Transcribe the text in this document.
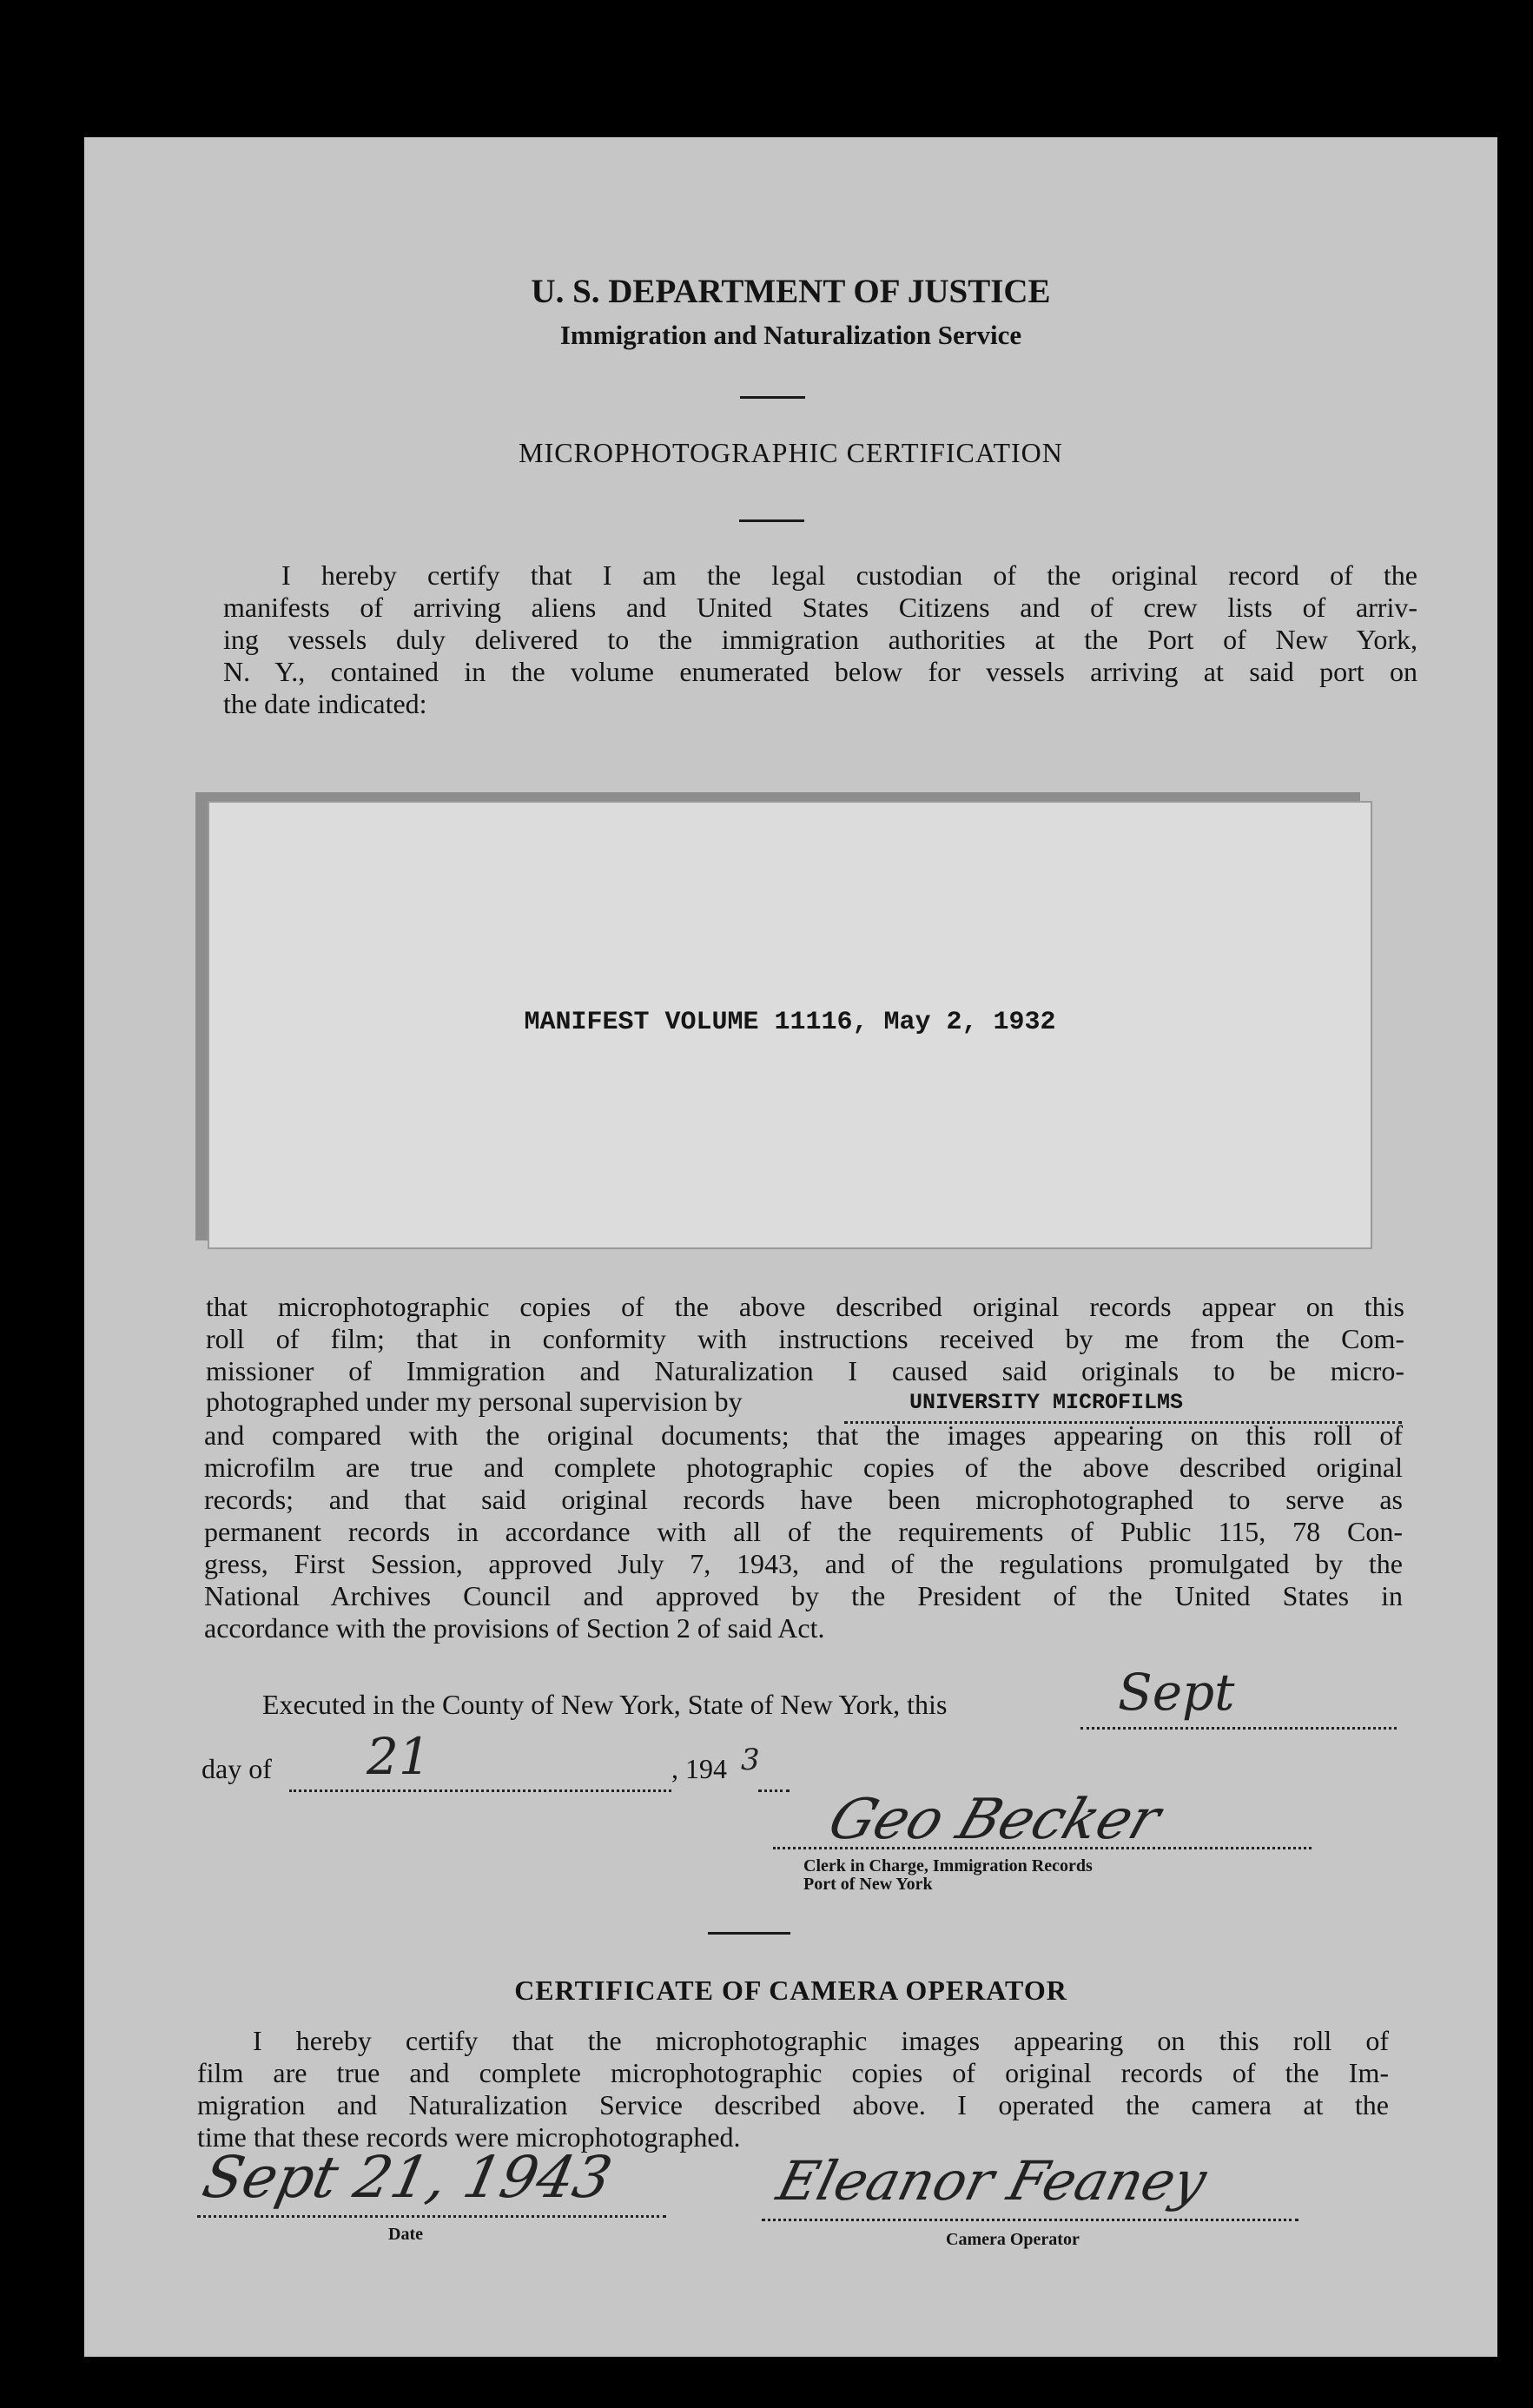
U. S. DEPARTMENT OF JUSTICE
Immigration and Naturalization Service
MICROPHOTOGRAPHIC CERTIFICATION
I hereby certify that I am the legal custodian of the original record of the
manifests of arriving aliens and United States Citizens and of crew lists of arriv-
ing vessels duly delivered to the immigration authorities at the Port of New York,
N. Y., contained in the volume enumerated below for vessels arriving at said port on
the date indicated:
MANIFEST VOLUME 11116, May 2, 1932
that microphotographic copies of the above described original records appear on this
roll of film; that in conformity with instructions received by me from the Com-
missioner of Immigration and Naturalization I caused said originals to be micro-
photographed under my personal supervision by	UNIVERSITY MICROFILMS
and compared with the original documents; that the images appearing on this roll of
microfilm are true and complete photographic copies of the above described original
records; and that said original records have been microphotographed to serve as
permanent records in accordance with all of the requirements of Public 115, 78 Con-
gress, First Session, approved July 7, 1943, and of the regulations promulgated by the
National Archives Council and approved by the President of the United States in
accordance with the provisions of Section 2 of said Act.
Executed in the County of New York, State of New York, this	Sept
day of 21	, 194 3
Geo Becker
Clerk in Charge, Immigration Records
Port of New York
CERTIFICATE OF CAMERA OPERATOR
I hereby certify that the microphotographic images appearing on this roll of
film are true and complete microphotographic copies of original records of the Im-
migration and Naturalization Service described above. I operated the camera at the
time that these records were microphotographed.
Sept 21, 1943
Date
Eleanor Feaney
Camera Operator
